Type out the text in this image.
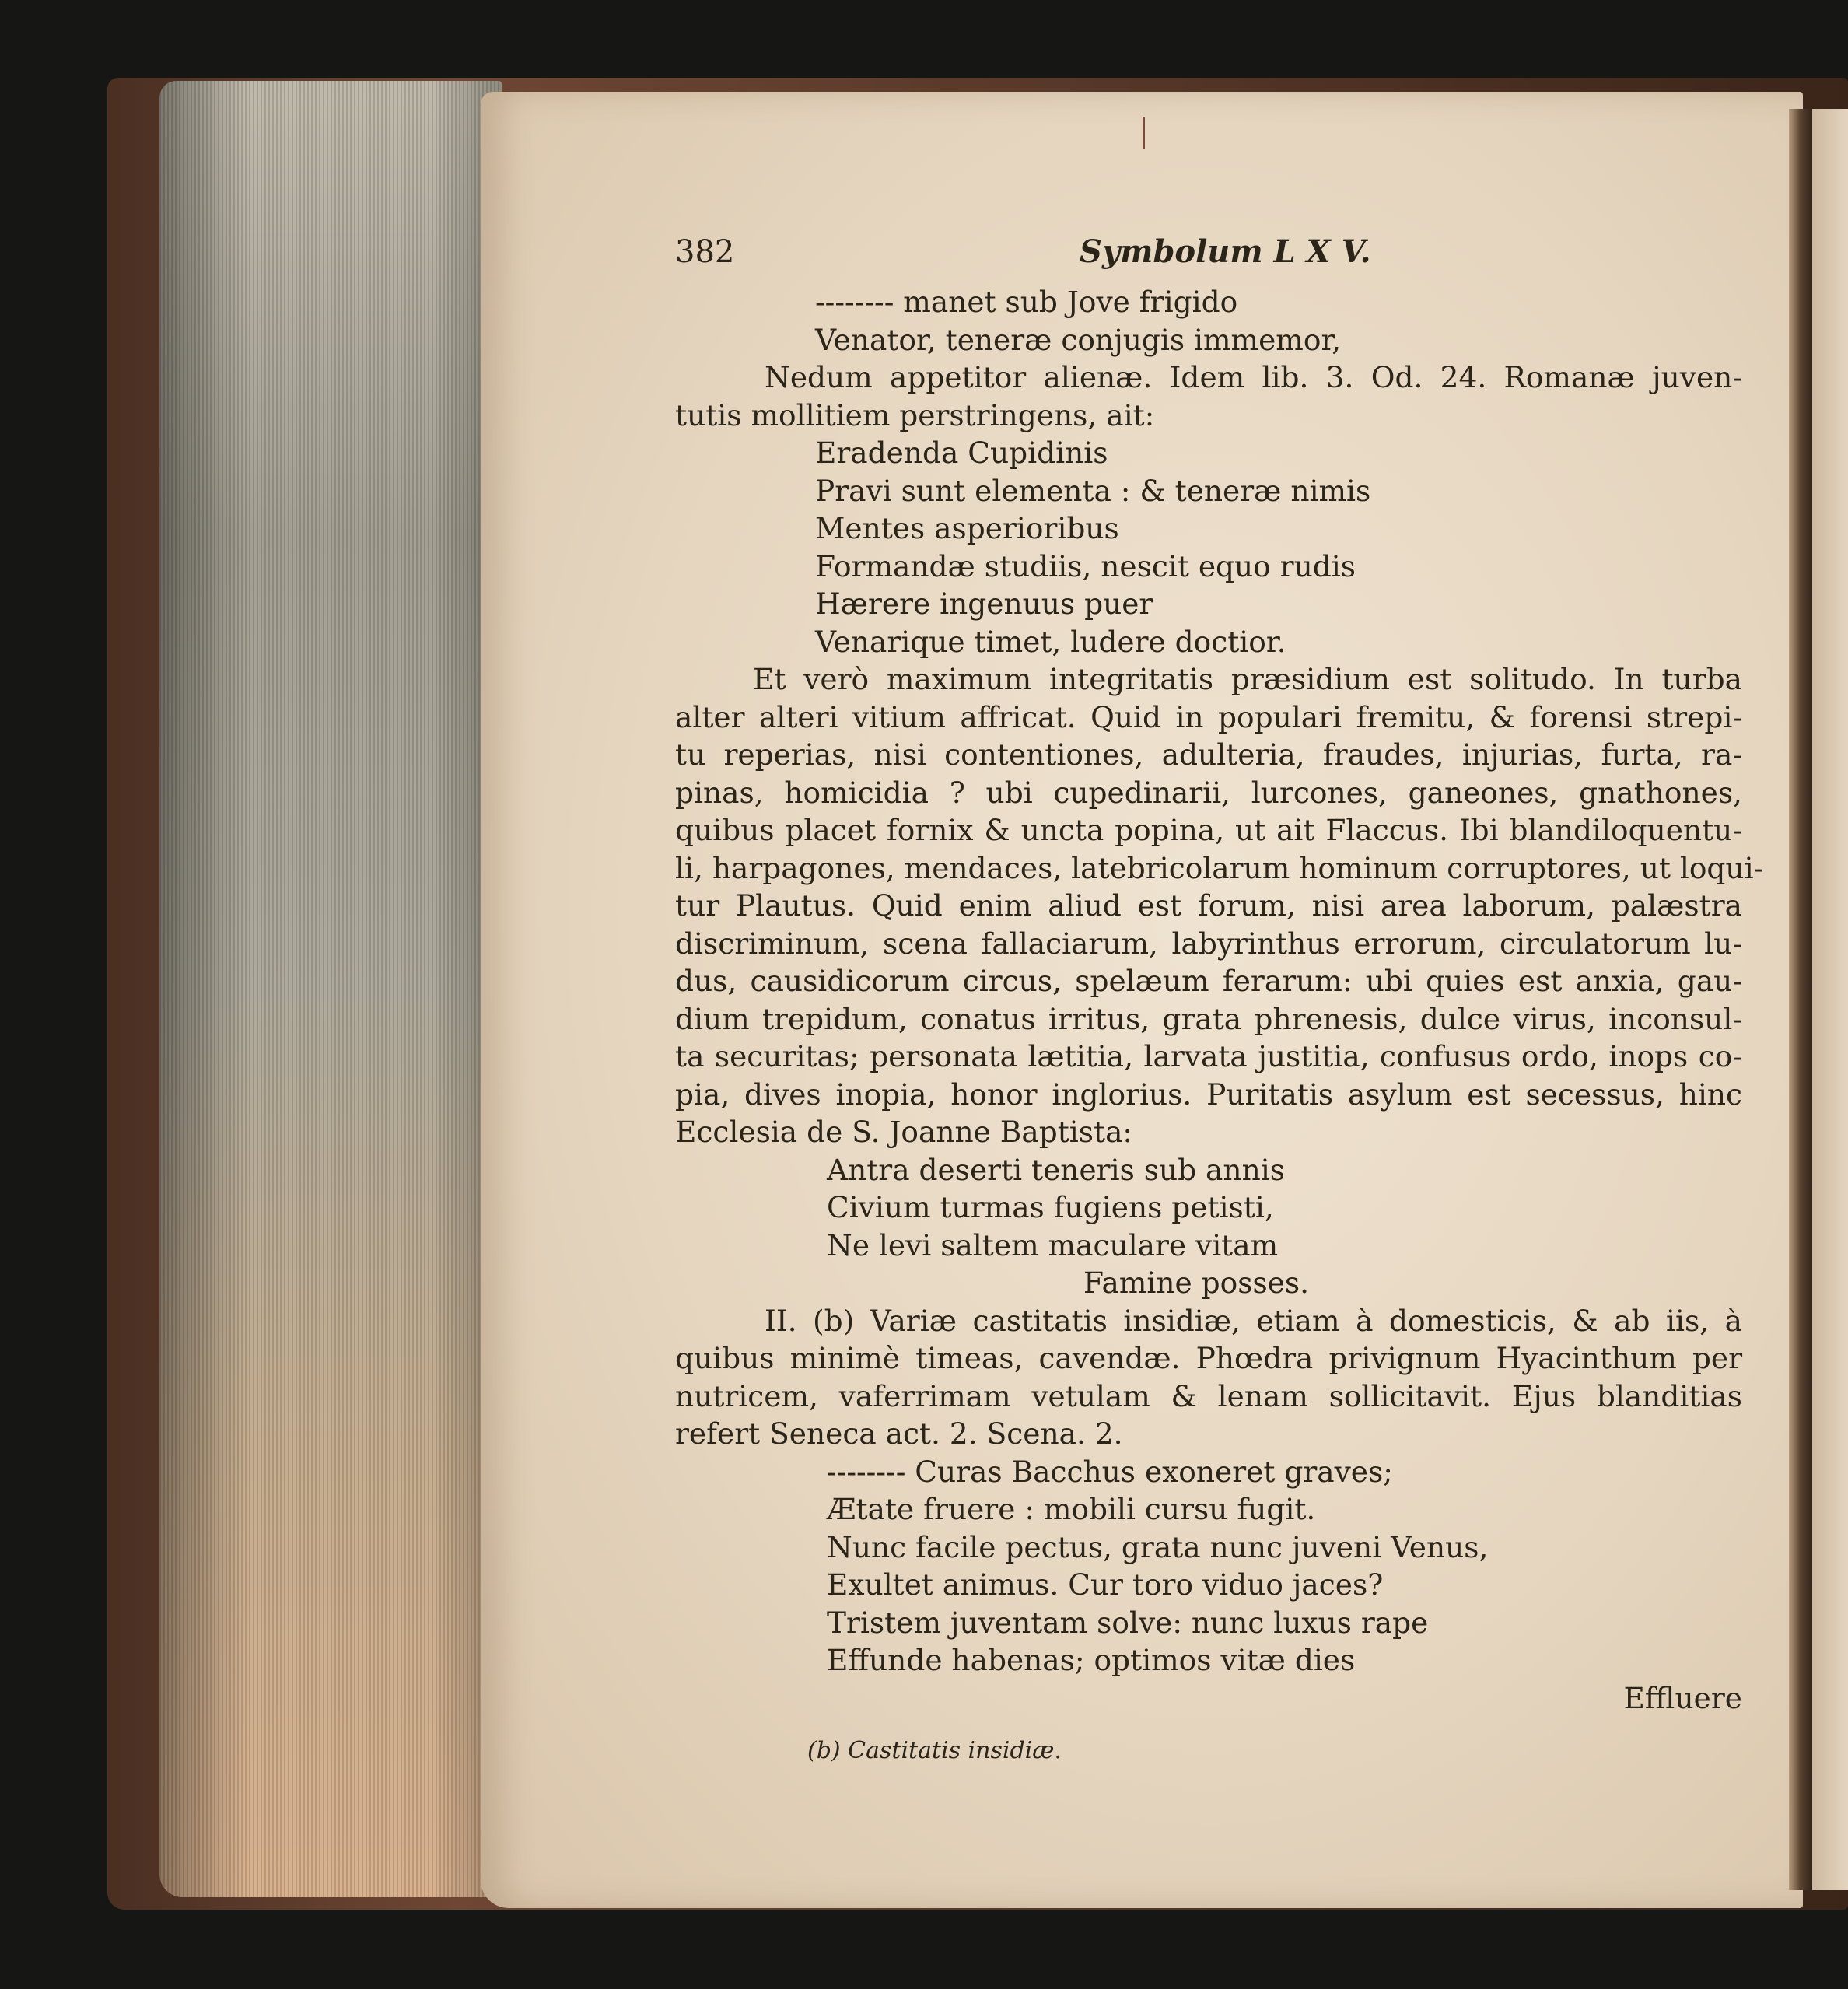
382	Symbolum L X V.
-------- manet sub Jove frigido
Venator, teneræ conjugis immemor,
Nedum appetitor alienæ. Idem lib. 3. Od. 24. Romanæ juven-
tutis mollitiem perstringens, ait:
Eradenda Cupidinis
Pravi sunt elementa : & teneræ nimis
Mentes asperioribus
Formandæ studiis, nescit equo rudis
Hærere ingenuus puer
Venarique timet, ludere doctior.
Et verò maximum integritatis præsidium est solitudo. In turba
alter alteri vitium affricat. Quid in populari fremitu, & forensi strepi-
tu reperias, nisi contentiones, adulteria, fraudes, injurias, furta, ra-
pinas, homicidia ? ubi cupedinarii, lurcones, ganeones, gnathones,
quibus placet fornix & uncta popina, ut ait Flaccus. Ibi blandiloquentu-
li, harpagones, mendaces, latebricolarum hominum corruptores, ut loqui-
tur Plautus. Quid enim aliud est forum, nisi area laborum, palæstra
discriminum, scena fallaciarum, labyrinthus errorum, circulatorum lu-
dus, causidicorum circus, spelæum ferarum: ubi quies est anxia, gau-
dium trepidum, conatus irritus, grata phrenesis, dulce virus, inconsul-
ta securitas; personata lætitia, larvata justitia, confusus ordo, inops co-
pia, dives inopia, honor inglorius. Puritatis asylum est secessus, hinc
Ecclesia de S. Joanne Baptista:
Antra deserti teneris sub annis
Civium turmas fugiens petisti,
Ne levi saltem maculare vitam
Famine posses.
II. (b) Variæ castitatis insidiæ, etiam à domesticis, & ab iis, à
quibus minimè timeas, cavendæ. Phœdra privignum Hyacinthum per
nutricem, vaferrimam vetulam & lenam sollicitavit. Ejus blanditias
refert Seneca act. 2. Scena. 2.
-------- Curas Bacchus exoneret graves;
Ætate fruere : mobili cursu fugit.
Nunc facile pectus, grata nunc juveni Venus,
Exultet animus. Cur toro viduo jaces?
Tristem juventam solve: nunc luxus rape
Effunde habenas; optimos vitæ dies
Effluere
(b) Castitatis insidiæ.
